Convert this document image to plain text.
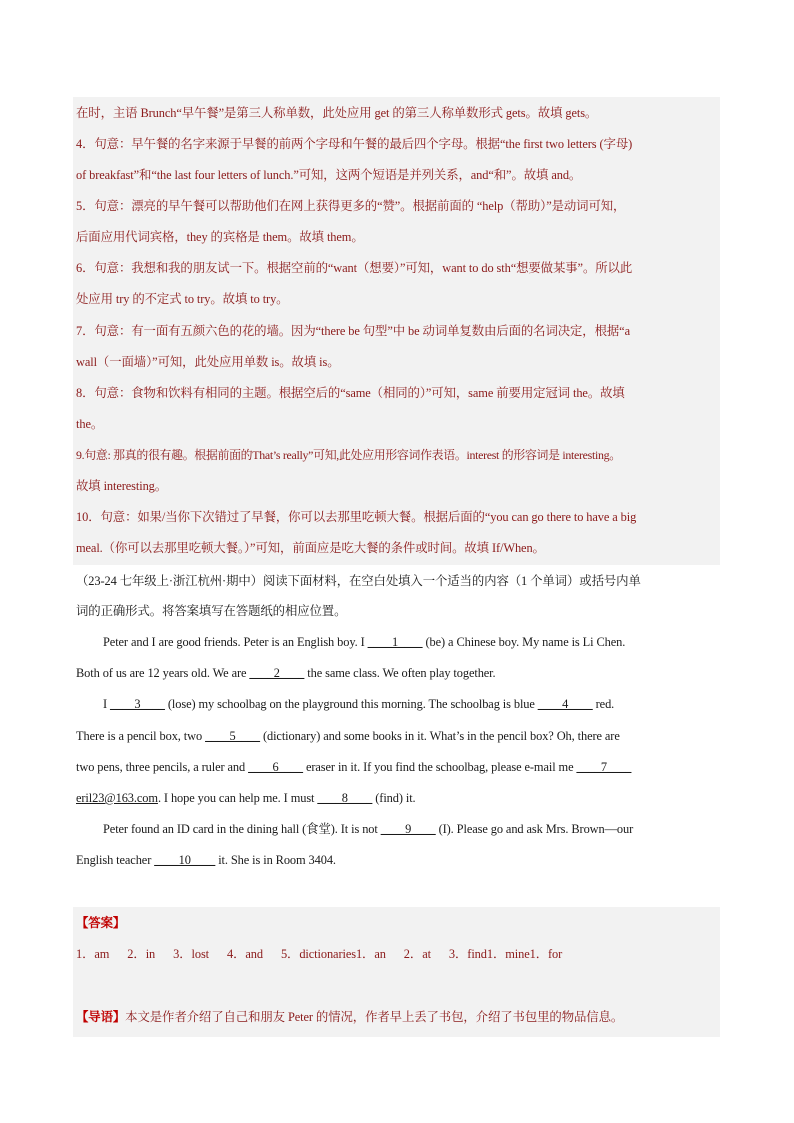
在时，主语 Brunch“早午餐”是第三人称单数，此处应用 get 的第三人称单数形式 gets。故填 gets。
4．句意：早午餐的名字来源于早餐的前两个字母和午餐的最后四个字母。根据“the first two letters (字母)
of breakfast”和“the last four letters of lunch.”可知，这两个短语是并列关系，and“和”。故填 and。
5．句意：漂亮的早午餐可以帮助他们在网上获得更多的“赞”。根据前面的 “help（帮助）”是动词可知，
后面应用代词宾格，they 的宾格是 them。故填 them。
6．句意：我想和我的朋友试一下。根据空前的“want（想要）”可知，want to do sth“想要做某事”。所以此
处应用 try 的不定式 to try。故填 to try。
7．句意：有一面有五颜六色的花的墙。因为“there be 句型”中 be 动词单复数由后面的名词决定，根据“a
wall（一面墙）”可知，此处应用单数 is。故填 is。
8．句意：食物和饮料有相同的主题。根据空后的“same（相同的）”可知，same 前要用定冠词 the。故填
the。
9.句意: 那真的很有趣。根据前面的That’s really”可知,此处应用形容词作表语。interest 的形容词是 interesting。
故填 interesting。
10．句意：如果/当你下次错过了早餐，你可以去那里吃顿大餐。根据后面的“you can go there to have a big
meal.（你可以去那里吃顿大餐。）”可知，前面应是吃大餐的条件或时间。故填 If/When。
（23-24 七年级上·浙江杭州·期中）阅读下面材料，在空白处填入一个适当的内容（1 个单词）或括号内单
词的正确形式。将答案填写在答题纸的相应位置。
Peter and I are good friends. Peter is an English boy. I ____1____ (be) a Chinese boy. My name is Li Chen.
Both of us are 12 years old. We are ____2____ the same class. We often play together.
I ____3____ (lose) my schoolbag on the playground this morning. The schoolbag is blue ____4____ red.
There is a pencil box, two ____5____ (dictionary) and some books in it. What’s in the pencil box? Oh, there are
two pens, three pencils, a ruler and ____6____ eraser in it. If you find the schoolbag, please e-mail me ____7____
eril23@163.com. I hope you can help me. I must ____8____ (find) it.
Peter found an ID card in the dining hall (食堂). It is not ____9____ (I). Please go and ask Mrs. Brown—our
English teacher ____10____ it. She is in Room 3404.
【答案】
1．am      2．in      3．lost      4．and      5．dictionaries1．an      2．at      3．find1．mine1．for
【导语】本文是作者介绍了自己和朋友 Peter 的情况，作者早上丢了书包，介绍了书包里的物品信息。
